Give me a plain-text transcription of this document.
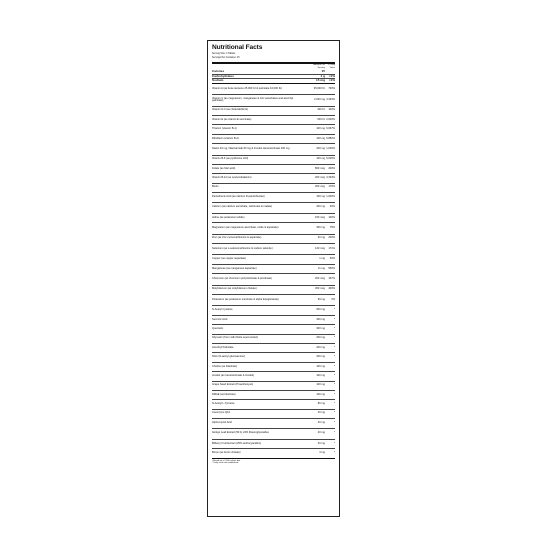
Nutritional Facts
Serving Size: 4 Tablets
Servings Per Container: 15
Amount Per
Serving
% Daily
Value
Calories	15
Carbohydrates	1 g	<1%
Sodium	15 mg	<1%
Vitamin A (as beta carotene 25,000 IU & palmitate 10,000 IU)	35,000 IU	700%
Vitamin C (as magnesium, manganese & zinc ascorbates and ascorbyl palmitate)	2,000 mg 3,333%
Vitamin D-3 (as cholecalciferol)	400 IU	100%
Vitamin E (as vitamin E succinate)	600 IU 2,000%
Thiamin (vitamin B-1)	100 mg 6,667%
Riboflavin (vitamin B-2)	100 mg 5,882%
Niacin 40 mg, Niacinamide 60 mg & Inositol Hexanicotinate 100 mg	200 mg 1,000%
Vitamin B-6 (as pyridoxine HCl)	100 mg 5,000%
Folate (as folic acid)	800 mcg	200%
Vitamin B-12 (as cyanocobalamin)	200 mcg 3,333%
Biotin	300 mcg	170%
Pantothenic Acid (as calcium D-pantothenate)	100 mg 1,000%
Calcium (as calcium ascorbate, carbonate & malate)	200 mg	20%
Iodine (as potassium iodide)	150 mcg	100%
Magnesium (as magnesium ascorbate, oxide & aspartate)	300 mg	75%
Zinc (as zinc monomethionine & aspartate)	30 mg	200%
Selenium (as L-selenomethionine & sodium selenite)	120 mcg	171%
Copper (as copper aspartate)	1 mg	50%
Manganese (as manganese aspartate)	11 mg	550%
Chromium (as chromium polynicotinate & picolinate)	200 mcg	167%
Molybdenum (as molybdenum chelate)	300 mcg	400%
Potassium (as potassium succinate & alpha ketoglutarate)	99 mg	3%
N-Acetyl Cysteine	600 mg	*
Succinic Acid	300 mg	*
Quercetin	300 mg	*
Silymarin (from milk thistle seed extract)	200 mg	*
Ascorbyl Palmitate	200 mg	*
NAG (N-acetyl glucosamine)	200 mg	*
Choline (as bitartrate)	100 mg	*
Inositol (as hexanicotinate & inositol)	100 mg	*
Grape Seed Extract (Proanthocyan)	100 mg	*
DMAE (as bitartrate)	100 mg	*
N-Acetyl L-Tyrosine	80 mg	*
Coenzyme Q10	40 mg	*
Alpha Lipoic Acid	40 mg	*
Ginkgo Leaf Extract (50:1) 24% Flavonglycosides	40 mg	*
Bilberry Fruit Extract (25% anthocyanidins)	40 mg	*
Boron (as boron chelate)	3 mg	*
¹ Based on a 2,000 calorie diet
* Daily value not established.
